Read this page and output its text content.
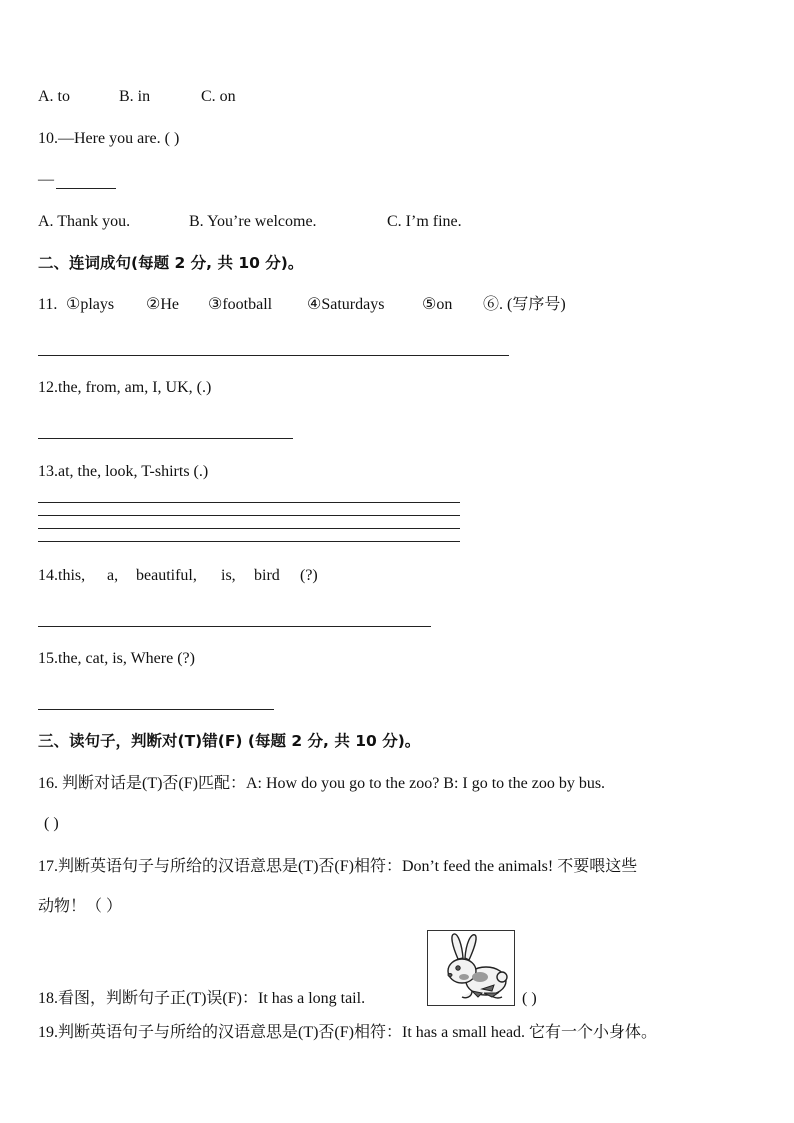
A. to	B. in	C. on
10.—Here you are. ( )
—
A. Thank you.	B. You’re welcome.	C. I’m fine.
二、连词成句(每题 2 分, 共 10 分)。
11. ①plays ②He ③football ④Saturdays ⑤on ⑥. (写序号)
12.the, from, am, I, UK, (.)
13.at, the, look, T-shirts (.)
14.this, a, beautiful, is, bird (?)
15.the, cat, is, Where (?)
三、读句子，判断对(T)错(F) (每题 2 分, 共 10 分)。
16. 判断对话是(T)否(F)匹配：A: How do you go to the zoo? B: I go to the zoo by bus.
( )
17.判断英语句子与所给的汉语意思是(T)否(F)相符：Don’t feed the animals! 不要喂这些
动物！（ ）
18.看图，判断句子正(T)误(F)：It has a long tail.	( )
19.判断英语句子与所给的汉语意思是(T)否(F)相符：It has a small head. 它有一个小身体。
